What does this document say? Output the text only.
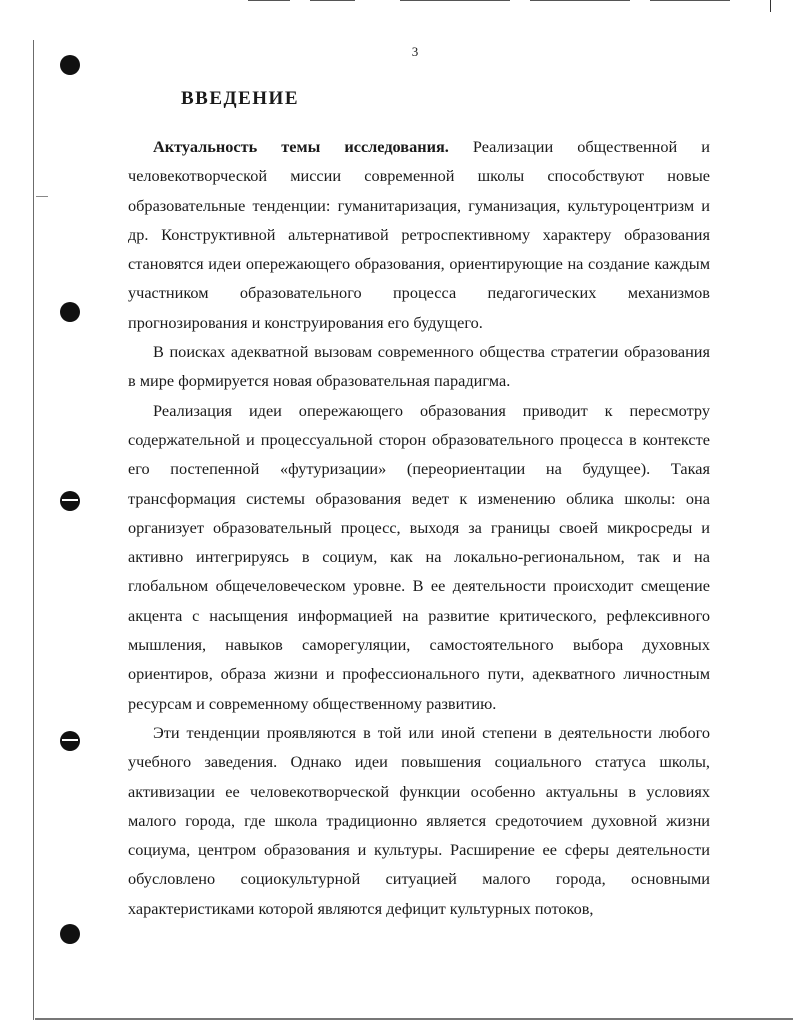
3
ВВЕДЕНИЕ

Актуальность темы исследования. Реализации общественной и человекотворческой миссии современной школы способствуют новые образовательные тенденции: гуманитаризация, гуманизация, культуроцентризм и др. Конструктивной альтернативой ретроспективному характеру образования становятся идеи опережающего образования, ориентирующие на создание каждым участником образовательного процесса педагогических механизмов прогнозирования и конструирования его будущего.

В поисках адекватной вызовам современного общества стратегии образования в мире формируется новая образовательная парадигма.

Реализация идеи опережающего образования приводит к пересмотру содержательной и процессуальной сторон образовательного процесса в контексте его постепенной «футуризации» (переориентации на будущее). Такая трансформация системы образования ведет к изменению облика школы: она организует образовательный процесс, выходя за границы своей микросреды и активно интегрируясь в социум, как на локально-региональном, так и на глобальном общечеловеческом уровне. В ее деятельности происходит смещение акцента с насыщения информацией на развитие критического, рефлексивного мышления, навыков саморегуляции, самостоятельного выбора духовных ориентиров, образа жизни и профессионального пути, адекватного личностным ресурсам и современному общественному развитию.

Эти тенденции проявляются в той или иной степени в деятельности любого учебного заведения. Однако идеи повышения социального статуса школы, активизации ее человекотворческой функции особенно актуальны в условиях малого города, где школа традиционно является средоточием духовной жизни социума, центром образования и культуры. Расширение ее сферы деятельности обусловлено социокультурной ситуацией малого города, основными характеристиками которой являются дефицит культурных потоков,
